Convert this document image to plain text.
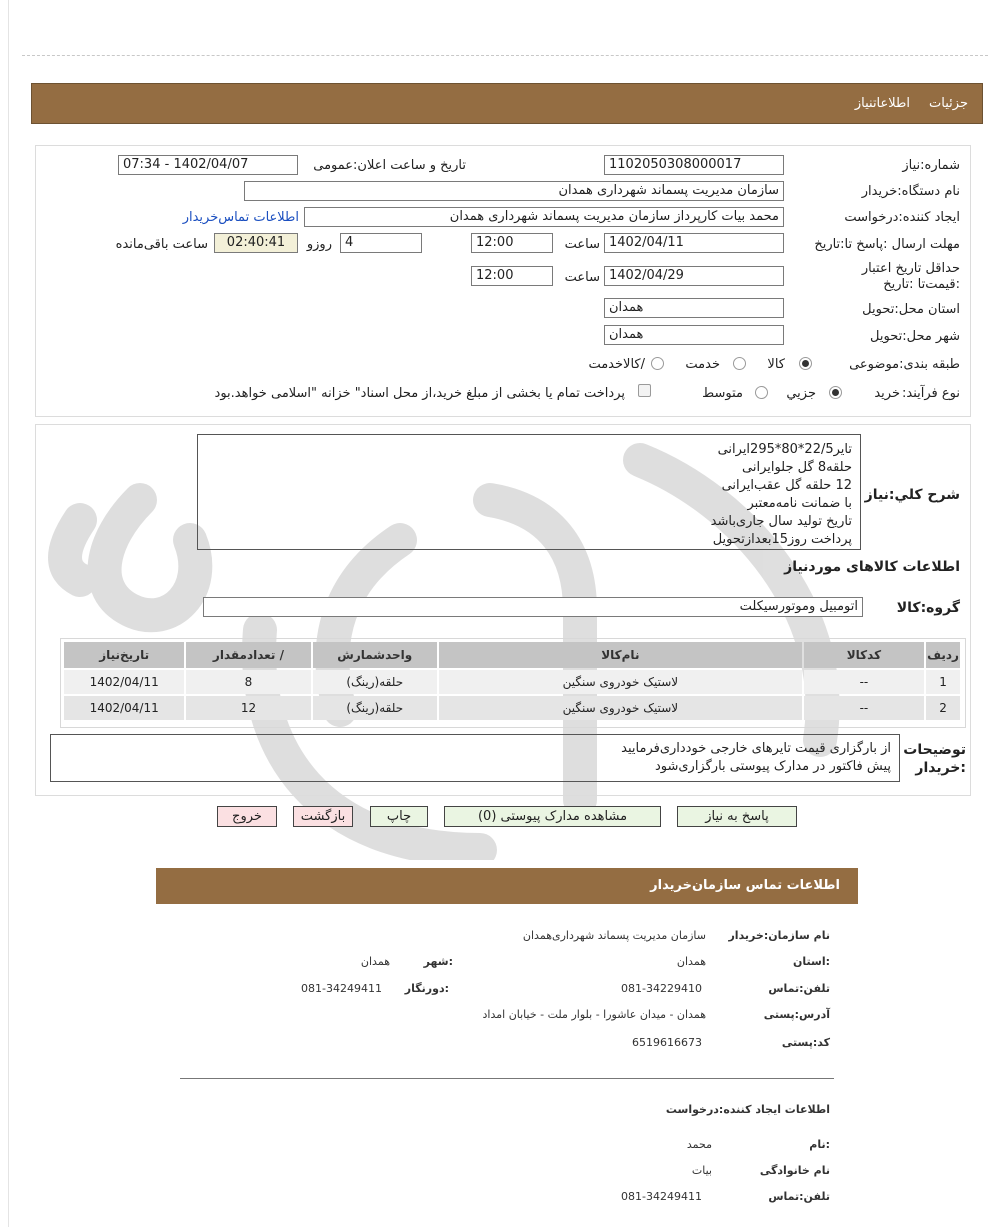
جزئیات
اطلاعاتنیاز
شماره:نیاز
1102050308000017
تاریخ و ساعت اعلان:عمومی
1402/04/07 - 07:34
نام دستگاه:خریدار
سازمان مدیریت پسماند شهرداری همدان
ایجاد کننده:درخواست
محمد بیات کارپرداز سازمان مدیریت پسماند شهرداری همدان
اطلاعات تماس‌خریدار
مهلت ارسال :پاسخ تا:تاریخ
1402/04/11
ساعت
12:00
4
روزو
02:40:41
ساعت باقی‌مانده
حداقل تاریخ اعتبار :قیمت‌تا :تاریخ
1402/04/29
ساعت
12:00
استان محل:تحویل
همدان
شهر محل:تحویل
همدان
طبقه بندی:موضوعی
کالا
خدمت
/کالاخدمت
نوع فرآیند:
خرید
جزیي
متوسط
پرداخت تمام یا بخشی از مبلغ خرید،از محل اسناد" خزانه "اسلامی خواهد.بود
شرح کلي:نیاز
تایر22/5*80*295ایرانی
حلقه8 گل جلوایرانی
12 حلقه گل عقب‌ایرانی
با ضمانت نامه‌معتبر
تاریخ تولید سال جاری‌باشد
پرداخت روز15بعدازتحویل
اطلاعات کالاهای موردنیاز
گروه:کالا
اتومبیل وموتورسیکلت
ردیف	کدکالا	نام‌کالا	واحدشمارش	/ تعدادمقدار	تاریخ‌نیاز
1	--	لاستیک خودروی سنگین	حلقه(رینگ)	8	1402/04/11
2	--	لاستیک خودروی سنگین	حلقه(رینگ)	12	1402/04/11
توضیحات :خریدار
از بارگزاری قیمت تایرهای خارجی خودداری‌فرمایید
پیش فاکتور در مدارک پیوستی بارگزاری‌شود
پاسخ به نیاز
مشاهده مدارک پیوستی (0)
چاپ
بازگشت
خروج
اطلاعات تماس سازمان‌خریدار
نام سازمان:خریدار
سازمان مدیریت پسماند شهرداری‌همدان
:استان
همدان
:شهر
همدان
تلفن:تماس
081-34229410
:دورنگار
081-34249411
آدرس:پستی
همدان - میدان عاشورا - بلوار ملت - خیابان امداد
کد:پستی
6519616673
اطلاعات ایجاد کننده:درخواست
:نام
محمد
نام خانوادگی
بیات
تلفن:تماس
081-34249411
